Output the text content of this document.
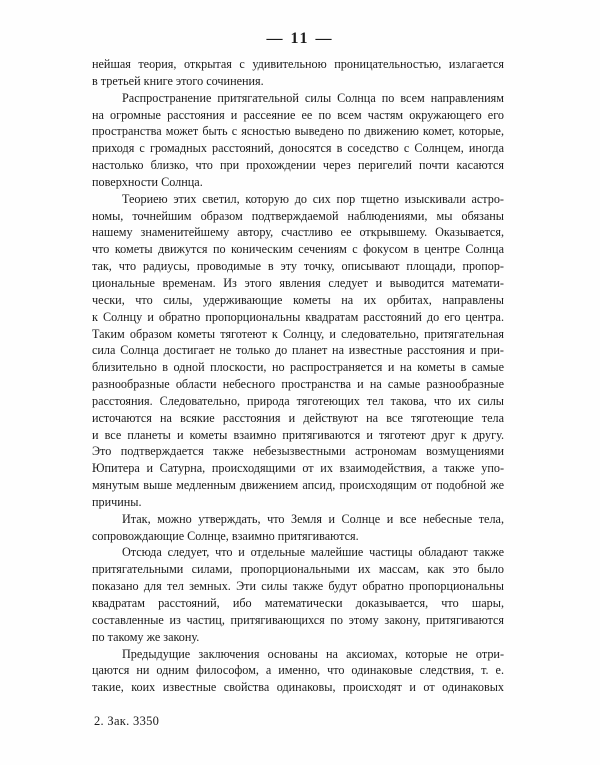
— 11 —
нейшая теория, открытая с удивительною проницательностью, излагается
в третьей книге этого сочинения.
Распространение притягательной силы Солнца по всем направлениям
на огромные расстояния и рассеяние ее по всем частям окружающего его
пространства может быть с ясностью выведено по движению комет, которые,
приходя с громадных расстояний, доносятся в соседство с Солнцем, иногда
настолько близко, что при прохождении через перигелий почти касаются
поверхности Солнца.
Теориею этих светил, которую до сих пор тщетно изыскивали астро-
номы, точнейшим образом подтверждаемой наблюдениями, мы обязаны
нашему знаменитейшему автору, счастливо ее открывшему. Оказывается,
что кометы движутся по коническим сечениям с фокусом в центре Солнца
так, что радиусы, проводимые в эту точку, описывают площади, пропор-
циональные временам. Из этого явления следует и выводится математи-
чески, что силы, удерживающие кометы на их орбитах, направлены
к Солнцу и обратно пропорциональны квадратам расстояний до его центра.
Таким образом кометы тяготеют к Солнцу, и следовательно, притягательная
сила Солнца достигает не только до планет на известные расстояния и при-
близительно в одной плоскости, но распространяется и на кометы в самые
разнообразные области небесного пространства и на самые разнообразные
расстояния. Следовательно, природа тяготеющих тел такова, что их силы
источаются на всякие расстояния и действуют на все тяготеющие тела
и все планеты и кометы взаимно притягиваются и тяготеют друг к другу.
Это подтверждается также небезызвестными астрономам возмущениями
Юпитера и Сатурна, происходящими от их взаимодействия, а также упо-
мянутым выше медленным движением апсид, происходящим от подобной же
причины.
Итак, можно утверждать, что Земля и Солнце и все небесные тела,
сопровождающие Солнце, взаимно притягиваются.
Отсюда следует, что и отдельные малейшие частицы обладают также
притягательными силами, пропорциональными их массам, как это было
показано для тел земных. Эти силы также будут обратно пропорциональны
квадратам расстояний, ибо математически доказывается, что шары,
составленные из частиц, притягивающихся по этому закону, притягиваются
по такому же закону.
Предыдущие заключения основаны на аксиомах, которые не отри-
цаются ни одним философом, а именно, что одинаковые следствия, т. е.
такие, коих известные свойства одинаковы, происходят и от одинаковых
2. Зак. 3350
